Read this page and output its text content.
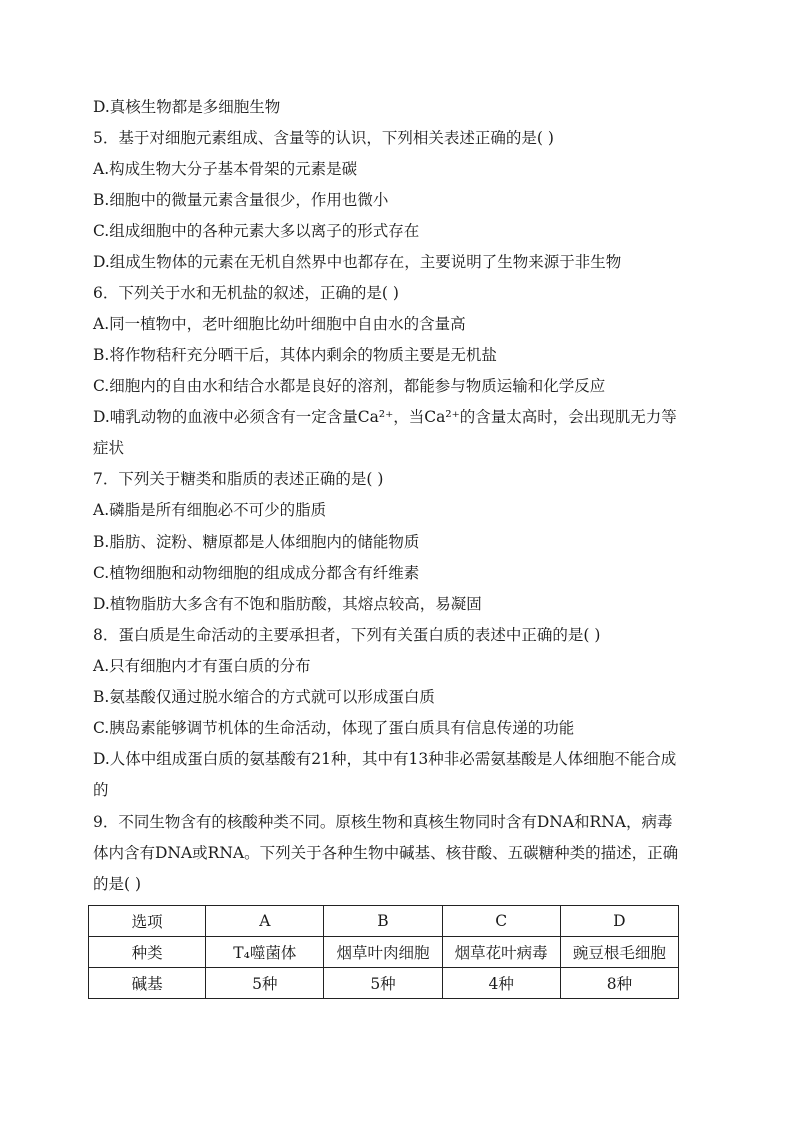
D.真核生物都是多细胞生物
5．基于对细胞元素组成、含量等的认识，下列相关表述正确的是( )
A.构成生物大分子基本骨架的元素是碳
B.细胞中的微量元素含量很少，作用也微小
C.组成细胞中的各种元素大多以离子的形式存在
D.组成生物体的元素在无机自然界中也都存在，主要说明了生物来源于非生物
6．下列关于水和无机盐的叙述，正确的是( )
A.同一植物中，老叶细胞比幼叶细胞中自由水的含量高
B.将作物秸秆充分晒干后，其体内剩余的物质主要是无机盐
C.细胞内的自由水和结合水都是良好的溶剂，都能参与物质运输和化学反应
D.哺乳动物的血液中必须含有一定含量Ca²⁺，当Ca²⁺的含量太高时，会出现肌无力等
症状
7．下列关于糖类和脂质的表述正确的是( )
A.磷脂是所有细胞必不可少的脂质
B.脂肪、淀粉、糖原都是人体细胞内的储能物质
C.植物细胞和动物细胞的组成成分都含有纤维素
D.植物脂肪大多含有不饱和脂肪酸，其熔点较高，易凝固
8．蛋白质是生命活动的主要承担者，下列有关蛋白质的表述中正确的是( )
A.只有细胞内才有蛋白质的分布
B.氨基酸仅通过脱水缩合的方式就可以形成蛋白质
C.胰岛素能够调节机体的生命活动，体现了蛋白质具有信息传递的功能
D.人体中组成蛋白质的氨基酸有21种，其中有13种非必需氨基酸是人体细胞不能合成
的
9．不同生物含有的核酸种类不同。原核生物和真核生物同时含有DNA和RNA，病毒
体内含有DNA或RNA。下列关于各种生物中碱基、核苷酸、五碳糖种类的描述，正确
的是( )
选项	A	B	C	D
种类	T₄噬菌体	烟草叶肉细胞	烟草花叶病毒	豌豆根毛细胞
碱基	5种	5种	4种	8种
